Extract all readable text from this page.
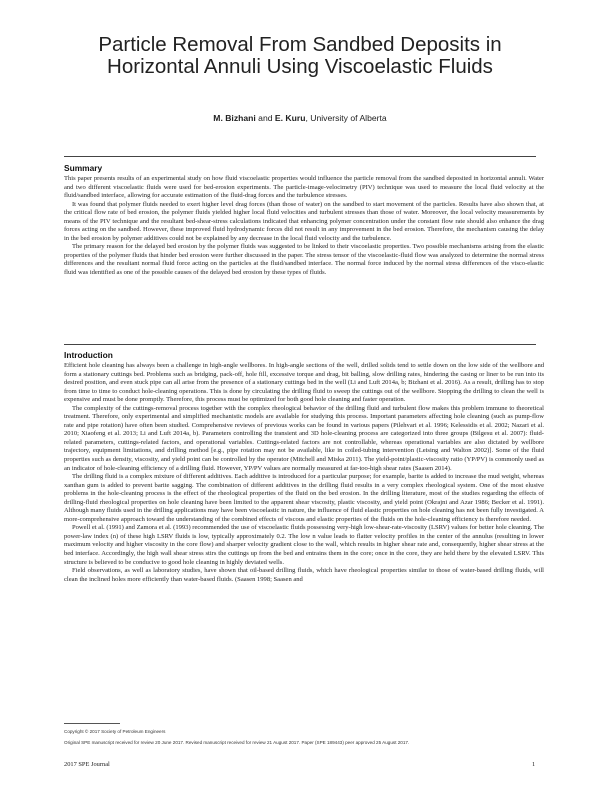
Particle Removal From Sandbed Deposits in Horizontal Annuli Using Viscoelastic Fluids
M. Bizhani and E. Kuru, University of Alberta
Summary

This paper presents results of an experimental study on how fluid viscoelastic properties would influence the particle removal from the sandbed deposited in horizontal annuli. Water and two different viscoelastic fluids were used for bed-erosion experiments. The particle-image-velocimetry (PIV) technique was used to measure the local fluid velocity at the fluid/sandbed interface, allowing for accurate estimation of the fluid-drag forces and the turbulence stresses.

It was found that polymer fluids needed to exert higher level drag forces (than those of water) on the sandbed to start movement of the particles. Results have also shown that, at the critical flow rate of bed erosion, the polymer fluids yielded higher local fluid velocities and turbulent stresses than those of water. Moreover, the local velocity measurements by means of the PIV technique and the resultant bed-shear-stress calculations indicated that enhancing polymer concentration under the constant flow rate should also enhance the drag forces acting on the sandbed. However, these improved fluid hydrodynamic forces did not result in any improvement in the bed erosion. Therefore, the mechanism causing the delay in the bed erosion by polymer additives could not be explained by any decrease in the local fluid velocity and the turbulence.

The primary reason for the delayed bed erosion by the polymer fluids was suggested to be linked to their viscoelastic properties. Two possible mechanisms arising from the elastic properties of the polymer fluids that hinder bed erosion were further discussed in the paper. The stress tensor of the viscoelastic-fluid flow was analyzed to determine the normal stress differences and the resultant normal fluid force acting on the particles at the fluid/sandbed interface. The normal force induced by the normal stress differences of the visco-elastic fluid was identified as one of the possible causes of the delayed bed erosion by these types of fluids.

Introduction

Efficient hole cleaning has always been a challenge in high-angle wellbores. In high-angle sections of the well, drilled solids tend to settle down on the low side of the wellbore and form a stationary cuttings bed. Problems such as bridging, pack-off, hole fill, excessive torque and drag, bit balling, slow drilling rates, hindering the casing or liner to be run into its desired position, and even stuck pipe can all arise from the presence of a stationary cuttings bed in the well (Li and Luft 2014a, b; Bizhani et al. 2016). As a result, drilling has to stop from time to time to conduct hole-cleaning operations. This is done by circulating the drilling fluid to sweep the cuttings out of the wellbore. Stopping the drilling to clean the well is expensive and must be done promptly. Therefore, this process must be optimized for both good hole cleaning and faster operation.

The complexity of the cuttings-removal process together with the complex rheological behavior of the drilling fluid and turbulent flow makes this problem immune to theoretical treatment. Therefore, only experimental and simplified mechanistic models are available for studying this process. Important parameters affecting hole cleaning (such as pump-flow rate and pipe rotation) have often been studied. Comprehensive reviews of previous works can be found in various papers (Pilehvari et al. 1996; Kelessidis et al. 2002; Nazari et al. 2010; Xiaofeng et al. 2013; Li and Luft 2014a, b). Parameters controlling the transient and 3D hole-cleaning process are categorized into three groups (Bilgesu et al. 2007): fluid-related parameters, cuttings-related factors, and operational variables. Cuttings-related factors are not controllable, whereas operational variables are also dictated by wellbore trajectory, equipment limitations, and drilling method [e.g., pipe rotation may not be available, like in coiled-tubing intervention (Leising and Walton 2002)]. Some of the fluid properties such as density, viscosity, and yield point can be controlled by the operator (Mitchell and Miska 2011). The yield-point/plastic-viscosity ratio (YP/PV) is commonly used as an indicator of hole-cleaning efficiency of a drilling fluid. However, YP/PV values are normally measured at far-too-high shear rates (Saasen 2014).

The drilling fluid is a complex mixture of different additives. Each additive is introduced for a particular purpose; for example, barite is added to increase the mud weight, whereas xanthan gum is added to prevent barite sagging. The combination of different additives in the drilling fluid results in a very complex rheological system. One of the most elusive problems in the hole-cleaning process is the effect of the rheological properties of the fluid on the bed erosion. In the drilling literature, most of the studies regarding the effects of drilling-fluid rheological properties on hole cleaning have been limited to the apparent shear viscosity, plastic viscosity, and yield point (Okrajni and Azar 1986; Becker et al. 1991). Although many fluids used in the drilling applications may have been viscoelastic in nature, the influence of fluid elastic properties on hole cleaning has not been fully investigated. A more-comprehensive approach toward the understanding of the combined effects of viscous and elastic properties of the fluids on the hole-cleaning efficiency is therefore needed.

Powell et al. (1991) and Zamora et al. (1993) recommended the use of viscoelastic fluids possessing very-high low-shear-rate-viscosity (LSRV) values for better hole cleaning. The power-law index (n) of these high LSRV fluids is low, typically approximately 0.2. The low n value leads to flatter velocity profiles in the center of the annulus (resulting in lower maximum velocity and higher viscosity in the core flow) and sharper velocity gradient close to the wall, which results in higher shear rate and, consequently, higher shear stress at the bed interface. Accordingly, the high wall shear stress stirs the cuttings up from the bed and entrains them in the core; once in the core, they are held there by the elevated LSRV. This structure is believed to be conducive to good hole cleaning in highly deviated wells.

Field observations, as well as laboratory studies, have shown that oil-based drilling fluids, which have rheological properties similar to those of water-based drilling fluids, will clean the inclined holes more efficiently than water-based fluids. (Saasen 1998; Saasen and

Copyright © 2017 Society of Petroleum Engineers
Original SPE manuscript received for review 20 June 2017. Revised manuscript received for review 21 August 2017. Paper (SPE 189443) peer approved 25 August 2017.
2017 SPE Journal	1
